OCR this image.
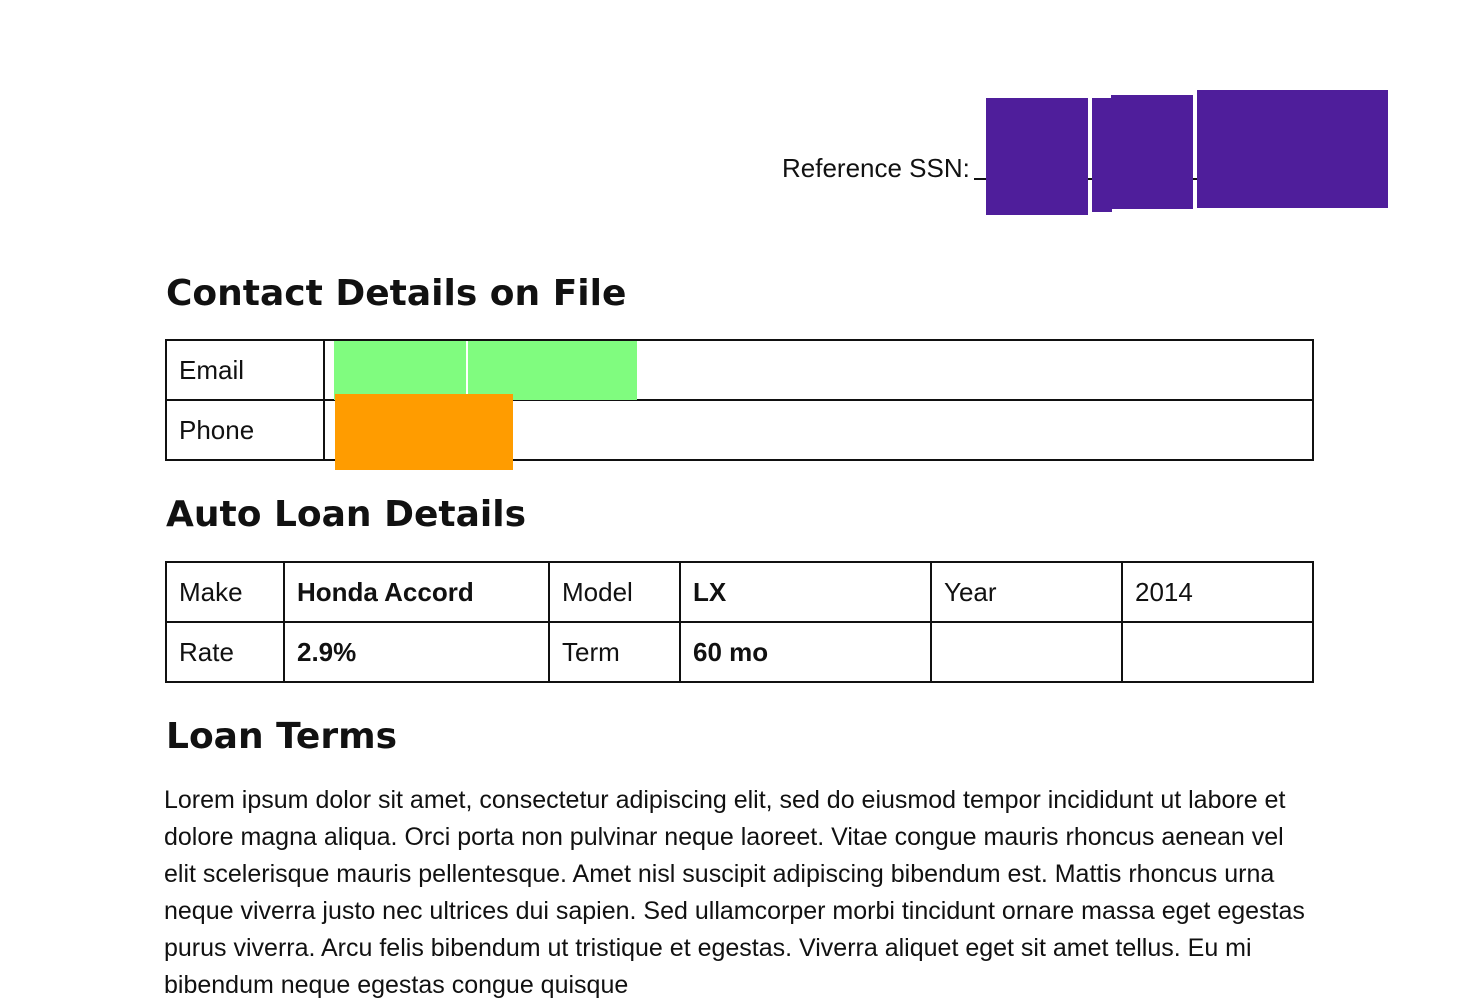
Reference SSN:
Contact Details on File
Email	
Phone	
Auto Loan Details
Make	Honda Accord	Model	LX	Year	2014
Rate	2.9%	Term	60 mo		
Loan Terms

Lorem ipsum dolor sit amet, consectetur adipiscing elit, sed do eiusmod tempor incididunt ut labore et dolore magna aliqua. Orci porta non pulvinar neque laoreet. Vitae congue mauris rhoncus aenean vel elit scelerisque mauris pellentesque. Amet nisl suscipit adipiscing bibendum est. Mattis rhoncus urna neque viverra justo nec ultrices dui sapien. Sed ullamcorper morbi tincidunt ornare massa eget egestas purus viverra. Arcu felis bibendum ut tristique et egestas. Viverra aliquet eget sit amet tellus. Eu mi bibendum neque egestas congue quisque
